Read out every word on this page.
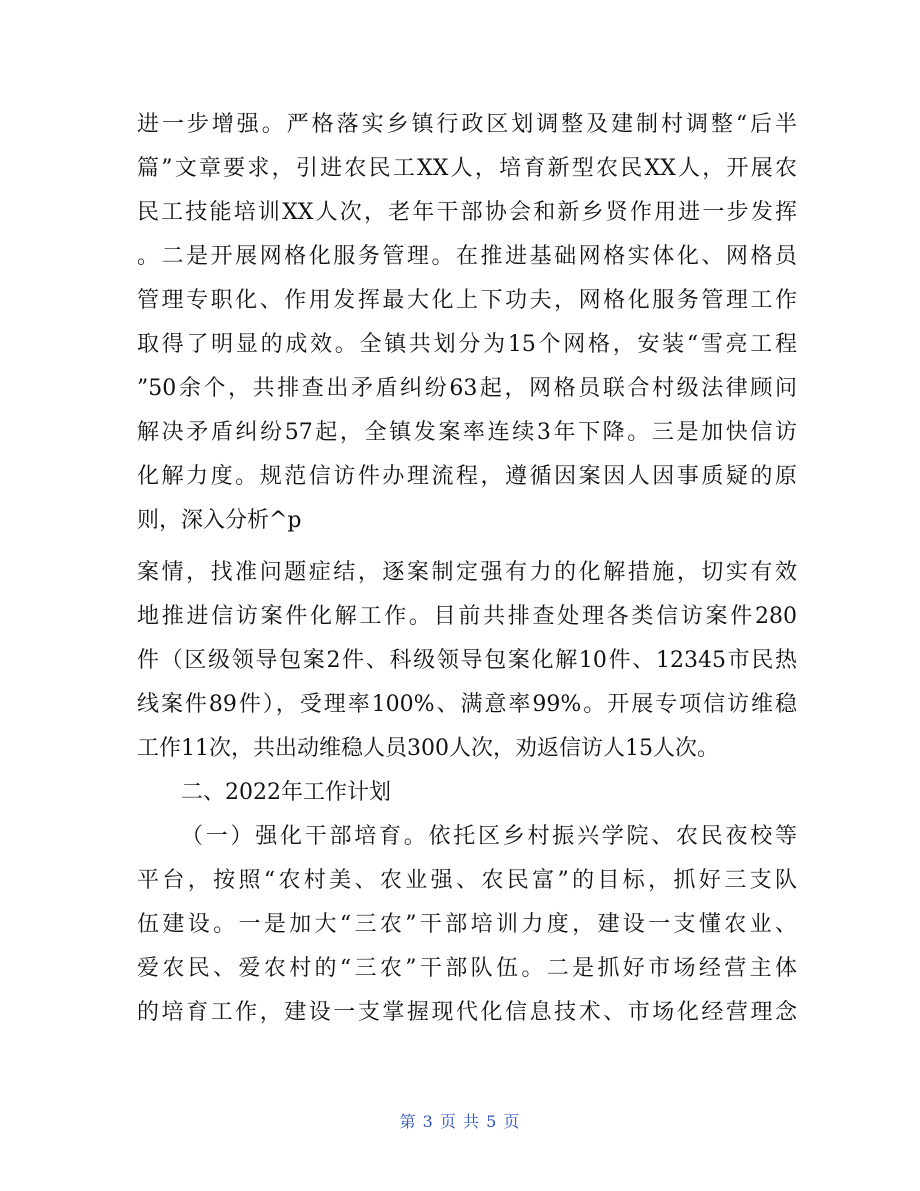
进一步增强。严格落实乡镇行政区划调整及建制村调整“后半
篇”文章要求，引进农民工XX人，培育新型农民XX人，开展农
民工技能培训XX人次，老年干部协会和新乡贤作用进一步发挥
。二是开展网格化服务管理。在推进基础网格实体化、网格员
管理专职化、作用发挥最大化上下功夫，网格化服务管理工作
取得了明显的成效。全镇共划分为15个网格，安装“雪亮工程
”50余个，共排查出矛盾纠纷63起，网格员联合村级法律顾问
解决矛盾纠纷57起，全镇发案率连续3年下降。三是加快信访
化解力度。规范信访件办理流程，遵循因案因人因事质疑的原
则，深入分析^p
案情，找准问题症结，逐案制定强有力的化解措施，切实有效
地推进信访案件化解工作。目前共排查处理各类信访案件280
件（区级领导包案2件、科级领导包案化解10件、12345市民热
线案件89件），受理率100%、满意率99%。开展专项信访维稳
工作11次，共出动维稳人员300人次，劝返信访人15人次。
二、2022年工作计划
（一）强化干部培育。依托区乡村振兴学院、农民夜校等
平台，按照“农村美、农业强、农民富”的目标，抓好三支队
伍建设。一是加大“三农”干部培训力度，建设一支懂农业、
爱农民、爱农村的“三农”干部队伍。二是抓好市场经营主体
的培育工作，建设一支掌握现代化信息技术、市场化经营理念
第 3 页 共 5 页
